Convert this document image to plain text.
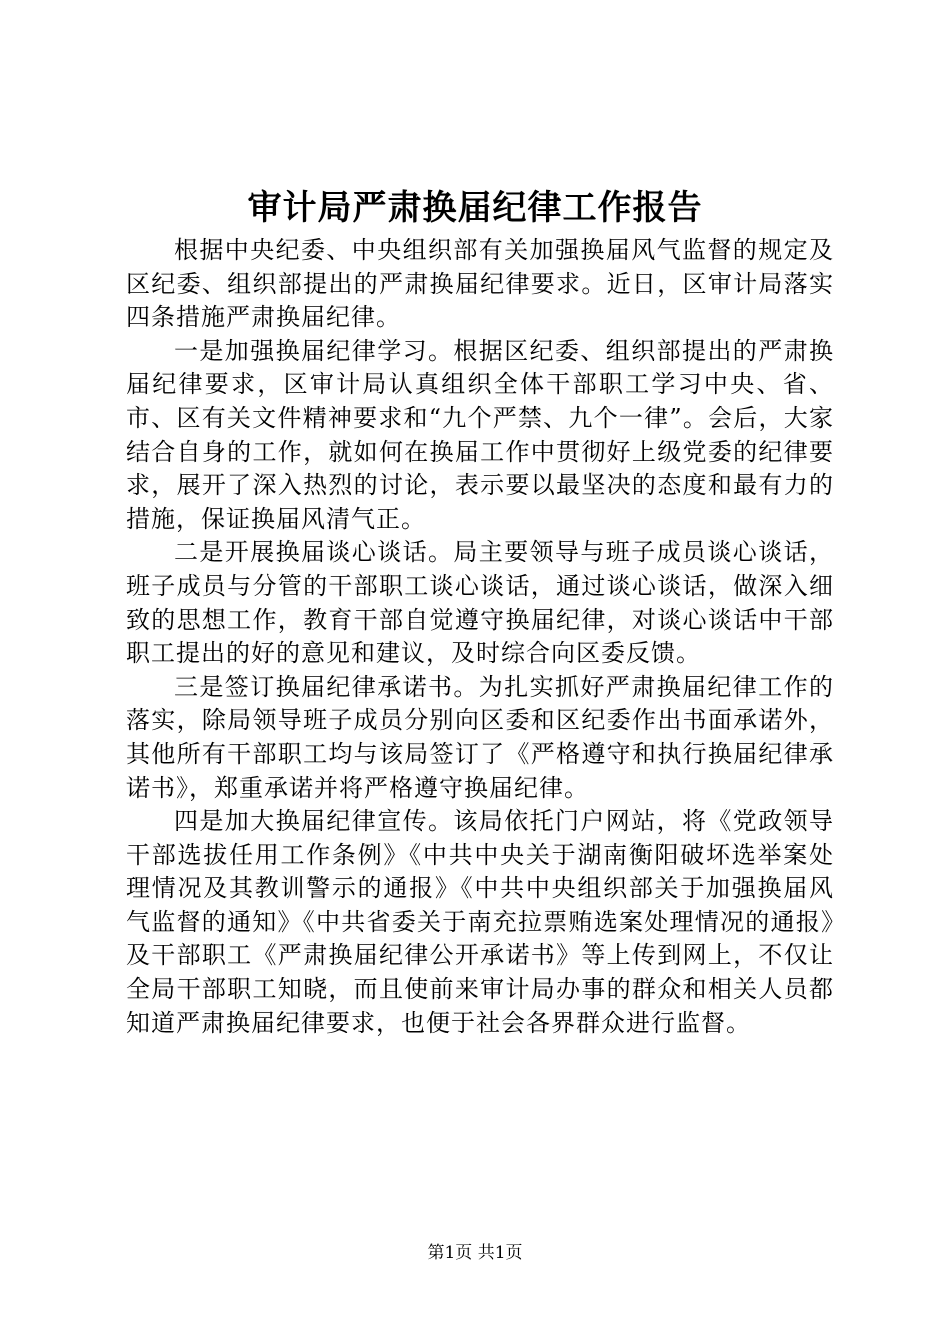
审计局严肃换届纪律工作报告

根据中央纪委、中央组织部有关加强换届风气监督的规定及区纪委、组织部提出的严肃换届纪律要求。近日，区审计局落实四条措施严肃换届纪律。

一是加强换届纪律学习。根据区纪委、组织部提出的严肃换届纪律要求，区审计局认真组织全体干部职工学习中央、省、市、区有关文件精神要求和“九个严禁、九个一律”。会后，大家结合自身的工作，就如何在换届工作中贯彻好上级党委的纪律要求，展开了深入热烈的讨论，表示要以最坚决的态度和最有力的措施，保证换届风清气正。

二是开展换届谈心谈话。局主要领导与班子成员谈心谈话，班子成员与分管的干部职工谈心谈话，通过谈心谈话，做深入细致的思想工作，教育干部自觉遵守换届纪律，对谈心谈话中干部职工提出的好的意见和建议，及时综合向区委反馈。

三是签订换届纪律承诺书。为扎实抓好严肃换届纪律工作的落实，除局领导班子成员分别向区委和区纪委作出书面承诺外，其他所有干部职工均与该局签订了《严格遵守和执行换届纪律承诺书》，郑重承诺并将严格遵守换届纪律。

四是加大换届纪律宣传。该局依托门户网站，将《党政领导干部选拔任用工作条例》《中共中央关于湖南衡阳破坏选举案处理情况及其教训警示的通报》《中共中央组织部关于加强换届风气监督的通知》《中共省委关于南充拉票贿选案处理情况的通报》及干部职工《严肃换届纪律公开承诺书》等上传到网上，不仅让全局干部职工知晓，而且使前来审计局办事的群众和相关人员都知道严肃换届纪律要求，也便于社会各界群众进行监督。

第1页 共1页
